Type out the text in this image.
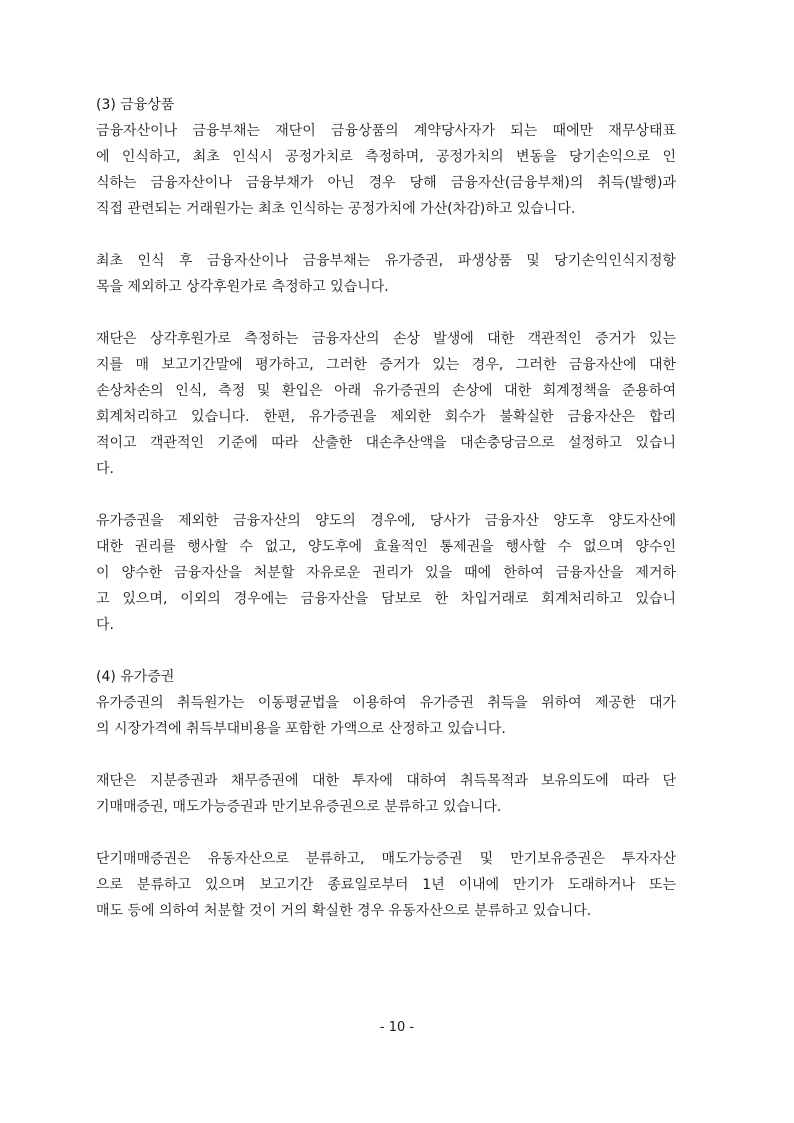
(3) 금융상품

금융자산이나 금융부채는 재단이 금융상품의 계약당사자가 되는 때에만 재무상태표
에 인식하고, 최초 인식시 공정가치로 측정하며, 공정가치의 변동을 당기손익으로 인
식하는 금융자산이나 금융부채가 아닌 경우 당해 금융자산(금융부채)의 취득(발행)과
직접 관련되는 거래원가는 최초 인식하는 공정가치에 가산(차감)하고 있습니다.

최초 인식 후 금융자산이나 금융부채는 유가증권, 파생상품 및 당기손익인식지정항
목을 제외하고 상각후원가로 측정하고 있습니다.

재단은 상각후원가로 측정하는 금융자산의 손상 발생에 대한 객관적인 증거가 있는
지를 매 보고기간말에 평가하고, 그러한 증거가 있는 경우, 그러한 금융자산에 대한
손상차손의 인식, 측정 및 환입은 아래 유가증권의 손상에 대한 회계정책을 준용하여
회계처리하고 있습니다. 한편, 유가증권을 제외한 회수가 불확실한 금융자산은 합리
적이고 객관적인 기준에 따라 산출한 대손추산액을 대손충당금으로 설정하고 있습니
다.

유가증권을 제외한 금융자산의 양도의 경우에, 당사가 금융자산 양도후 양도자산에
대한 권리를 행사할 수 없고, 양도후에 효율적인 통제권을 행사할 수 없으며 양수인
이 양수한 금융자산을 처분할 자유로운 권리가 있을 때에 한하여 금융자산을 제거하
고 있으며, 이외의 경우에는 금융자산을 담보로 한 차입거래로 회계처리하고 있습니
다.

(4) 유가증권

유가증권의 취득원가는 이동평균법을 이용하여 유가증권 취득을 위하여 제공한 대가
의 시장가격에 취득부대비용을 포함한 가액으로 산정하고 있습니다.

재단은 지분증권과 채무증권에 대한 투자에 대하여 취득목적과 보유의도에 따라 단
기매매증권, 매도가능증권과 만기보유증권으로 분류하고 있습니다.

단기매매증권은 유동자산으로 분류하고, 매도가능증권 및 만기보유증권은 투자자산
으로 분류하고 있으며 보고기간 종료일로부터 1년 이내에 만기가 도래하거나 또는
매도 등에 의하여 처분할 것이 거의 확실한 경우 유동자산으로 분류하고 있습니다.

- 10 -
